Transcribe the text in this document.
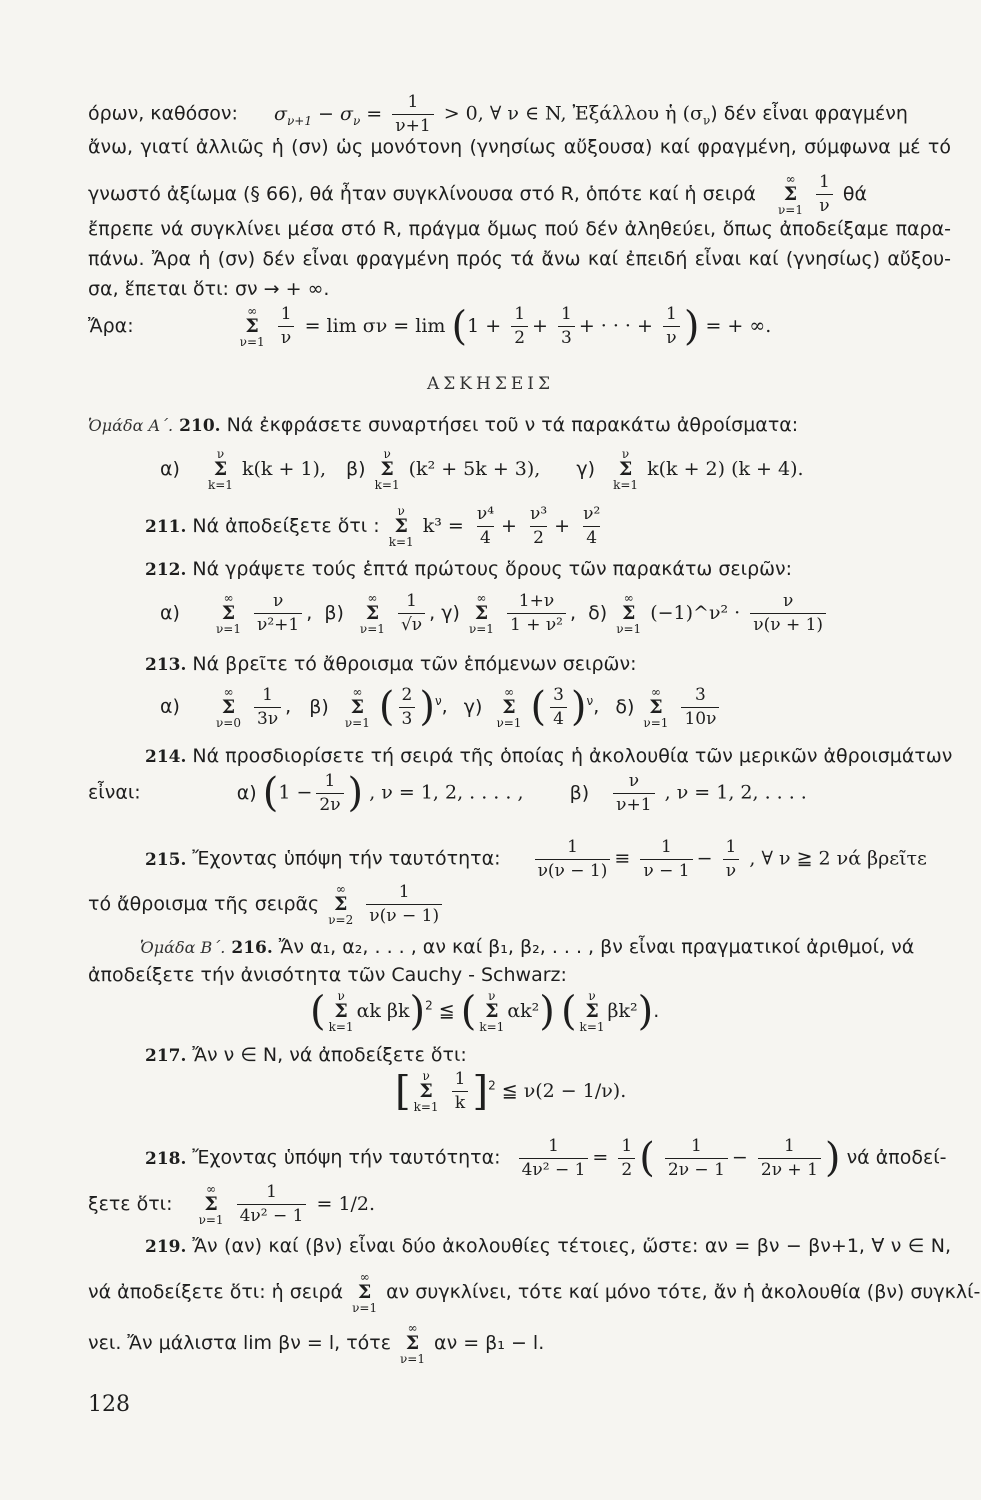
όρων, καθόσον: $\sigma_{\nu+1} - \sigma_\nu = \frac{1}{\nu+1} > 0$, ∀ ν ∈ N, Ἐξάλλου ἡ $(\sigma_\nu)$ δέν εἶναι φραγμένη
ἄνω, γιατί ἀλλιῶς ἡ (σν) ὡς μονότονη (γνησίως αὔξουσα) καί φραγμένη, σύμφωνα μέ τό
γνωστό ἀξίωμα (§ 66), θά ἦταν συγκλίνουσα στό R, ὁπότε καί ἡ σειρά
∞
Σ
ν=1
$\frac{1}{\nu}$ θά
ἔπρεπε νά συγκλίνει μέσα στό R, πράγμα ὅμως πού δέν ἀληθεύει, ὅπως ἀποδείξαμε παρα-
πάνω. Ἄρα ἡ (σν) δέν εἶναι φραγμένη πρός τά ἄνω καί ἐπειδή εἶναι καί (γνησίως) αὔξου-
σα, ἕπεται ὅτι: σν → + ∞.
Ἄρα:
∞
Σ
ν=1
$\frac{1}{\nu} = \lim \sigma\nu = \lim (1 + \frac{1}{2} + \frac{1}{3}$ + · · · + $\frac{1}{\nu}$ ) = + ∞.
ΑΣΚΗΣΕΙΣ
Ὁμάδα Α΄. 210. Νά ἐκφράσετε συναρτήσει τοῦ ν τά παρακάτω ἀθροίσματα:
α)
ν
Σ
k=1
k(k + 1), β)
ν
Σ
k=1
(k² + 5k + 3), γ)
ν
Σ
k=1
k(k + 2) (k + 4).
211. Νά ἀποδείξετε ὅτι :
ν
Σ
k=1
$k^3 = \frac{\text{ν⁴}}{4} + \frac{\text{ν³}}{2} + \frac{\text{ν²}}{4}$
212. Νά γράψετε τούς ἑπτά πρώτους ὅρους τῶν παρακάτω σειρῶν:
α)
∞
Σ
ν=1
$\frac{\nu}{\text{ν²+1}}$ , β)
∞
Σ
ν=1
$\frac{1}{√\nu}$ , γ)
∞
Σ
ν=1
$\frac{1+\nu}{\text{1 + ν²}}$ , δ)
∞
Σ
ν=1
(−1)^ν² · $\frac{\nu}{\nu(\nu + 1)}$
213. Νά βρεῖτε τό ἄθροισμα τῶν ἑπόμενων σειρῶν:
α)
∞
Σ
ν=0
$\frac{1}{3\nu}$ , β)
∞
Σ
ν=1 ( $\frac{2}{3} )^\nu$, γ)
∞
Σ
ν=1 ( $\frac{3}{4} )^\nu$, δ)
∞
Σ
ν=1
$\frac{3}{10\nu}$
214. Νά προσδιορίσετε τή σειρά τῆς ὁποίας ἡ ἀκολουθία τῶν μερικῶν ἀθροισμάτων
εἶναι:	α) ($1 - \frac{1}{2\nu}$ ) , ν = 1, 2, . . . . , $\beta) \frac{\nu}{\nu+1}$ , ν = 1, 2, . . . .
215. Ἔχοντας ὑπόψη τήν ταυτότητα: $\frac{1}{\nu(\nu - 1)} \equiv \frac{1}{\nu - 1} - \frac{1}{\nu}$ , ∀ ν ≧ 2 νά βρεῖτε
τό ἄθροισμα τῆς σειρᾶς
∞
Σ
ν=2
$\frac{1}{\nu(\nu - 1)}$
Ὁμάδα Β΄. 216. Ἄν α₁, α₂, . . . , αν καί β₁, β₂, . . . , βν εἶναι πραγματικοί ἀριθμοί, νά
ἀποδείξετε τήν ἀνισότητα τῶν Cauchy - Schwarz:
( ν
Σ
k=1
αk βk)$^2$ ≦ ( ν
Σ
k=1
αk²) ( ν
Σ
k=1
βk²).
217. Ἄν ν ∈ N, νά ἀποδείξετε ὅτι:
[ ν
Σ
k=1
$\frac{1}{k} ]^2$ ≦ ν(2 − 1/ν).
218. Ἔχοντας ὑπόψη τήν ταυτότητα: $\frac{1}{\text{4ν² − 1}} = \frac{1}{2}$ ( $\frac{1}{2\nu - 1} - \frac{1}{2\nu + 1}$ ) νά ἀποδεί-
ξετε ὅτι:
∞
Σ
ν=1
$\frac{1}{\text{4ν² − 1}} = 1/2$.
219. Ἄν (αν) καί (βν) εἶναι δύο ἀκολουθίες τέτοιες, ὥστε: αν = βν − βν+1, ∀ ν ∈ N,
νά ἀποδείξετε ὅτι: ἡ σειρά
∞
Σ
ν=1
αν συγκλίνει, τότε καί μόνο τότε, ἄν ἡ ἀκολουθία (βν) συγκλί-
νει. Ἄν μάλιστα lim βν = l, τότε
∞
Σ
ν=1
αν = β₁ − l.
128
